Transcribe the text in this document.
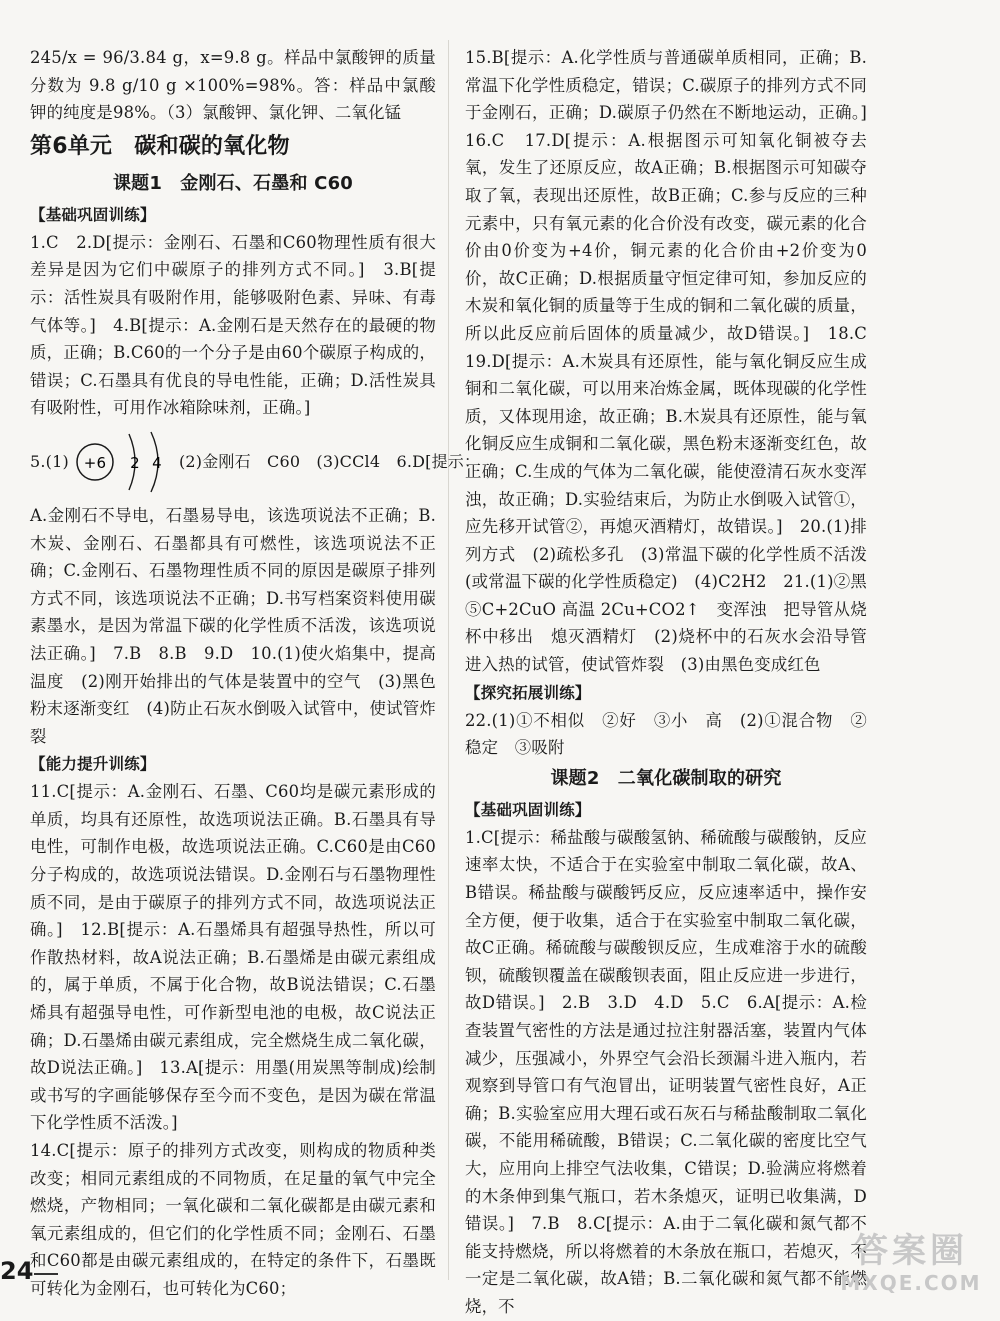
245/x = 96/3.84 g，x=9.8 g。样品中氯酸钾的质量分数为 9.8 g/10 g ×100%=98%。答：样品中氯酸钾的纯度是98%。（3）氯酸钾、氯化钾、二氧化锰

第6单元　碳和碳的氧化物
课题1　金刚石、石墨和 C60
【基础巩固训练】

1.C　2.D[提示：金刚石、石墨和C60物理性质有很大差异是因为它们中碳原子的排列方式不同。]　3.B[提示：活性炭具有吸附作用，能够吸附色素、异味、有毒气体等。]　4.B[提示：A.金刚石是天然存在的最硬的物质，正确；B.C60的一个分子是由60个碳原子构成的，错误；C.石墨具有优良的导电性能，正确；D.活性炭具有吸附性，可用作冰箱除味剂，正确。]

5.(1) +6 2 4 (2)金刚石　C60　(3)CCl4　6.D[提示：

A.金刚石不导电，石墨易导电，该选项说法不正确；B.木炭、金刚石、石墨都具有可燃性，该选项说法不正确；C.金刚石、石墨物理性质不同的原因是碳原子排列方式不同，该选项说法不正确；D.书写档案资料使用碳素墨水，是因为常温下碳的化学性质不活泼，该选项说法正确。]　7.B　8.B　9.D　10.(1)使火焰集中，提高温度　(2)刚开始排出的气体是装置中的空气　(3)黑色粉末逐渐变红　(4)防止石灰水倒吸入试管中，使试管炸裂

【能力提升训练】

11.C[提示：A.金刚石、石墨、C60均是碳元素形成的单质，均具有还原性，故选项说法正确。B.石墨具有导电性，可制作电极，故选项说法正确。C.C60是由C60分子构成的，故选项说法错误。D.金刚石与石墨物理性质不同，是由于碳原子的排列方式不同，故选项说法正确。]　12.B[提示：A.石墨烯具有超强导热性，所以可作散热材料，故A说法正确；B.石墨烯是由碳元素组成的，属于单质，不属于化合物，故B说法错误；C.石墨烯具有超强导电性，可作新型电池的电极，故C说法正确；D.石墨烯由碳元素组成，完全燃烧生成二氧化碳，故D说法正确。]　13.A[提示：用墨(用炭黑等制成)绘制或书写的字画能够保存至今而不变色，是因为碳在常温下化学性质不活泼。]

14.C[提示：原子的排列方式改变，则构成的物质种类改变；相同元素组成的不同物质，在足量的氧气中完全燃烧，产物相同；一氧化碳和二氧化碳都是由碳元素和氧元素组成的，但它们的化学性质不同；金刚石、石墨和C60都是由碳元素组成的，在特定的条件下，石墨既可转化为金刚石，也可转化为C60；

15.B[提示：A.化学性质与普通碳单质相同，正确；B.常温下化学性质稳定，错误；C.碳原子的排列方式不同于金刚石，正确；D.碳原子仍然在不断地运动，正确。]　16.C　17.D[提示：A.根据图示可知氧化铜被夺去氧，发生了还原反应，故A正确；B.根据图示可知碳夺取了氧，表现出还原性，故B正确；C.参与反应的三种元素中，只有氧元素的化合价没有改变，碳元素的化合价由0价变为+4价，铜元素的化合价由+2价变为0价，故C正确；D.根据质量守恒定律可知，参加反应的木炭和氧化铜的质量等于生成的铜和二氧化碳的质量，所以此反应前后固体的质量减少，故D错误。]　18.C　19.D[提示：A.木炭具有还原性，能与氧化铜反应生成铜和二氧化碳，可以用来冶炼金属，既体现碳的化学性质，又体现用途，故正确；B.木炭具有还原性，能与氧化铜反应生成铜和二氧化碳，黑色粉末逐渐变红色，故正确；C.生成的气体为二氧化碳，能使澄清石灰水变浑浊，故正确；D.实验结束后，为防止水倒吸入试管①，应先移开试管②，再熄灭酒精灯，故错误。]　20.(1)排列方式　(2)疏松多孔　(3)常温下碳的化学性质不活泼(或常温下碳的化学性质稳定)　(4)C2H2　21.(1)②黑　⑤C+2CuO 高温 2Cu+CO2↑　变浑浊　把导管从烧杯中移出　熄灭酒精灯　(2)烧杯中的石灰水会沿导管进入热的试管，使试管炸裂　(3)由黑色变成红色

【探究拓展训练】

22.(1)①不相似　②好　③小　高　(2)①混合物　②稳定　③吸附

课题2　二氧化碳制取的研究
【基础巩固训练】

1.C[提示：稀盐酸与碳酸氢钠、稀硫酸与碳酸钠，反应速率太快，不适合于在实验室中制取二氧化碳，故A、B错误。稀盐酸与碳酸钙反应，反应速率适中，操作安全方便，便于收集，适合于在实验室中制取二氧化碳，故C正确。稀硫酸与碳酸钡反应，生成难溶于水的硫酸钡，硫酸钡覆盖在碳酸钡表面，阻止反应进一步进行，故D错误。]　2.B　3.D　4.D　5.C　6.A[提示：A.检查装置气密性的方法是通过拉注射器活塞，装置内气体减少，压强减小，外界空气会沿长颈漏斗进入瓶内，若观察到导管口有气泡冒出，证明装置气密性良好，A正确；B.实验室应用大理石或石灰石与稀盐酸制取二氧化碳，不能用稀硫酸，B错误；C.二氧化碳的密度比空气大，应用向上排空气法收集，C错误；D.验满应将燃着的木条伸到集气瓶口，若木条熄灭，证明已收集满，D错误。]　7.B　8.C[提示：A.由于二氧化碳和氮气都不能支持燃烧，所以将燃着的木条放在瓶口，若熄灭，不一定是二氧化碳，故A错；B.二氧化碳和氮气都不能燃烧，不

24	答案圈
MXQE.COM
